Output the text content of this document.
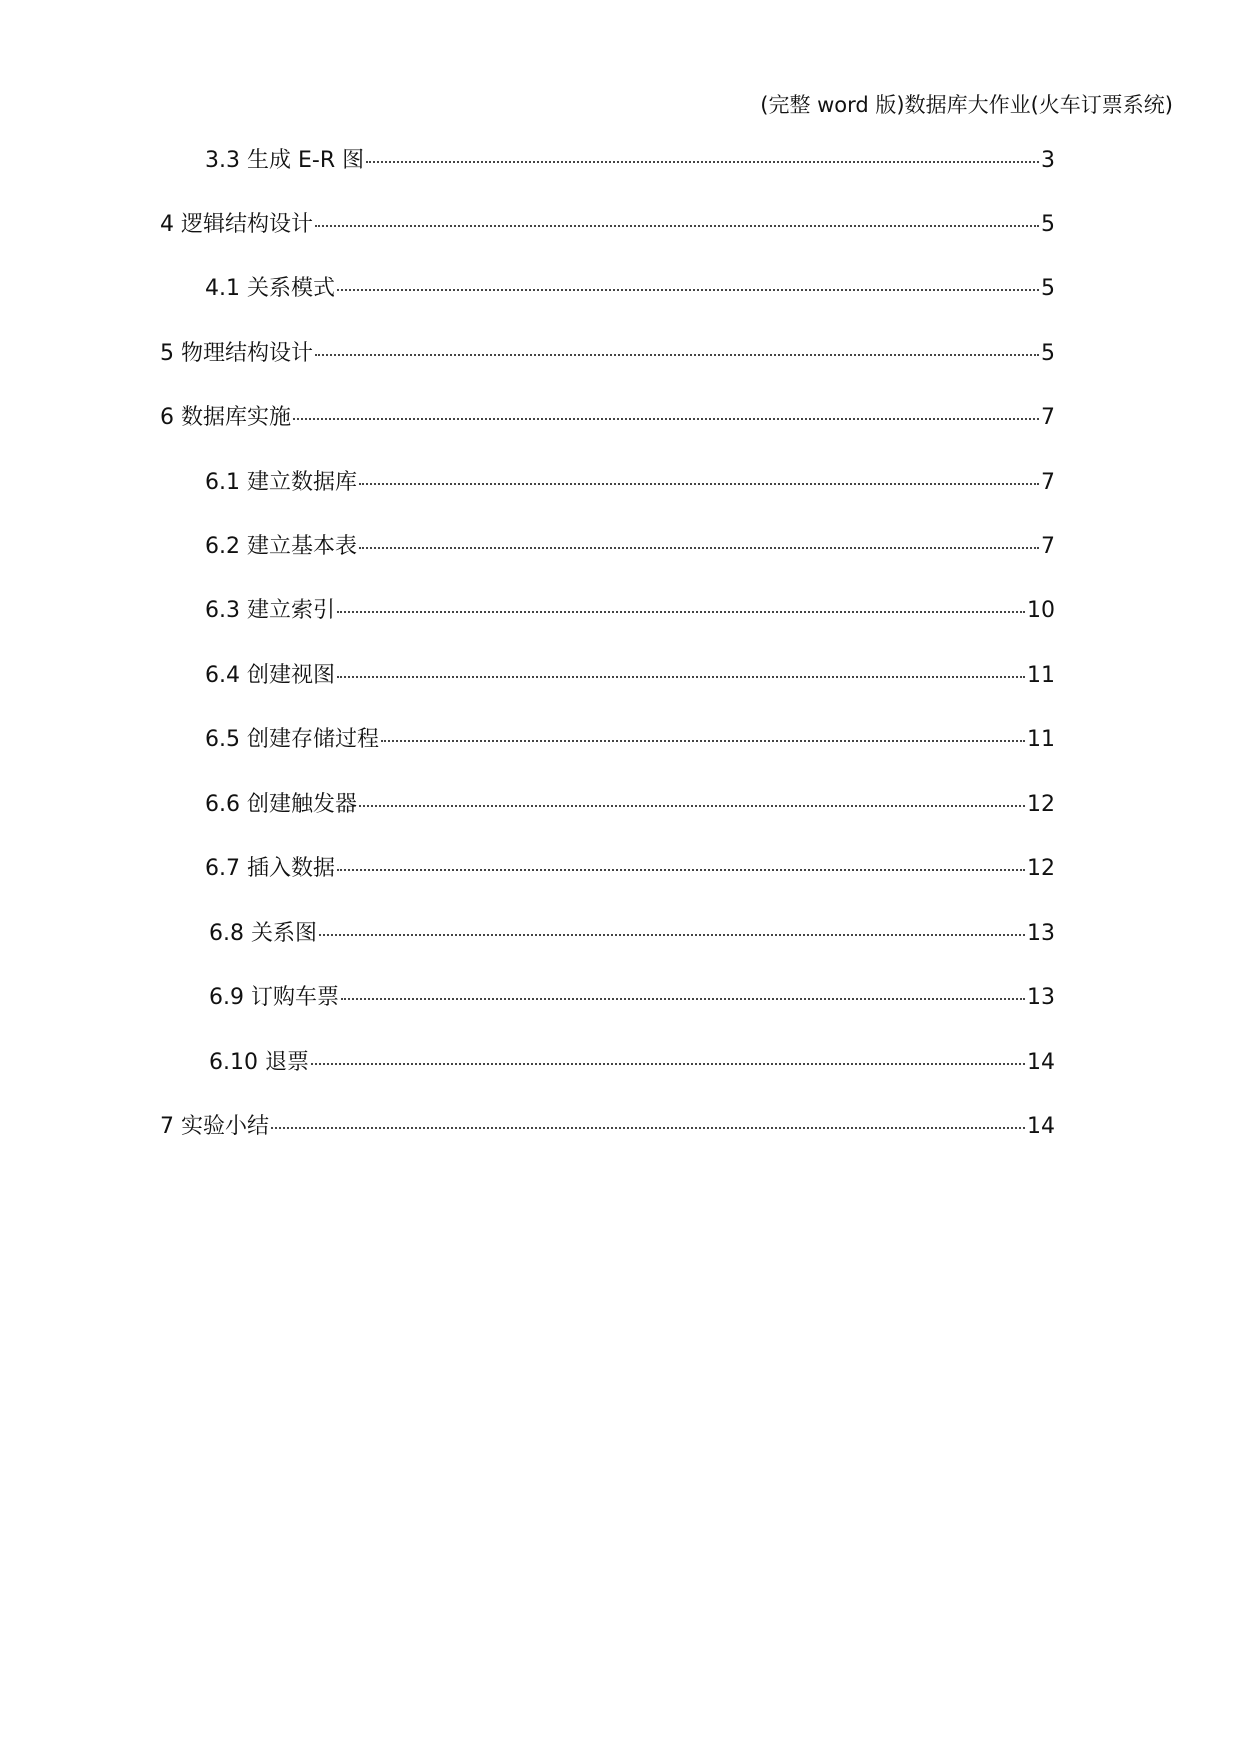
(完整 word 版)数据库大作业(火车订票系统)
3.3 生成 E-R 图	3
4 逻辑结构设计	5
4.1 关系模式	5
5 物理结构设计	5
6 数据库实施	7
6.1 建立数据库	7
6.2 建立基本表	7
6.3 建立索引	10
6.4 创建视图	11
6.5 创建存储过程	11
6.6 创建触发器	12
6.7 插入数据	12
6.8 关系图	13
6.9 订购车票	13
6.10 退票	14
7 实验小结	14
